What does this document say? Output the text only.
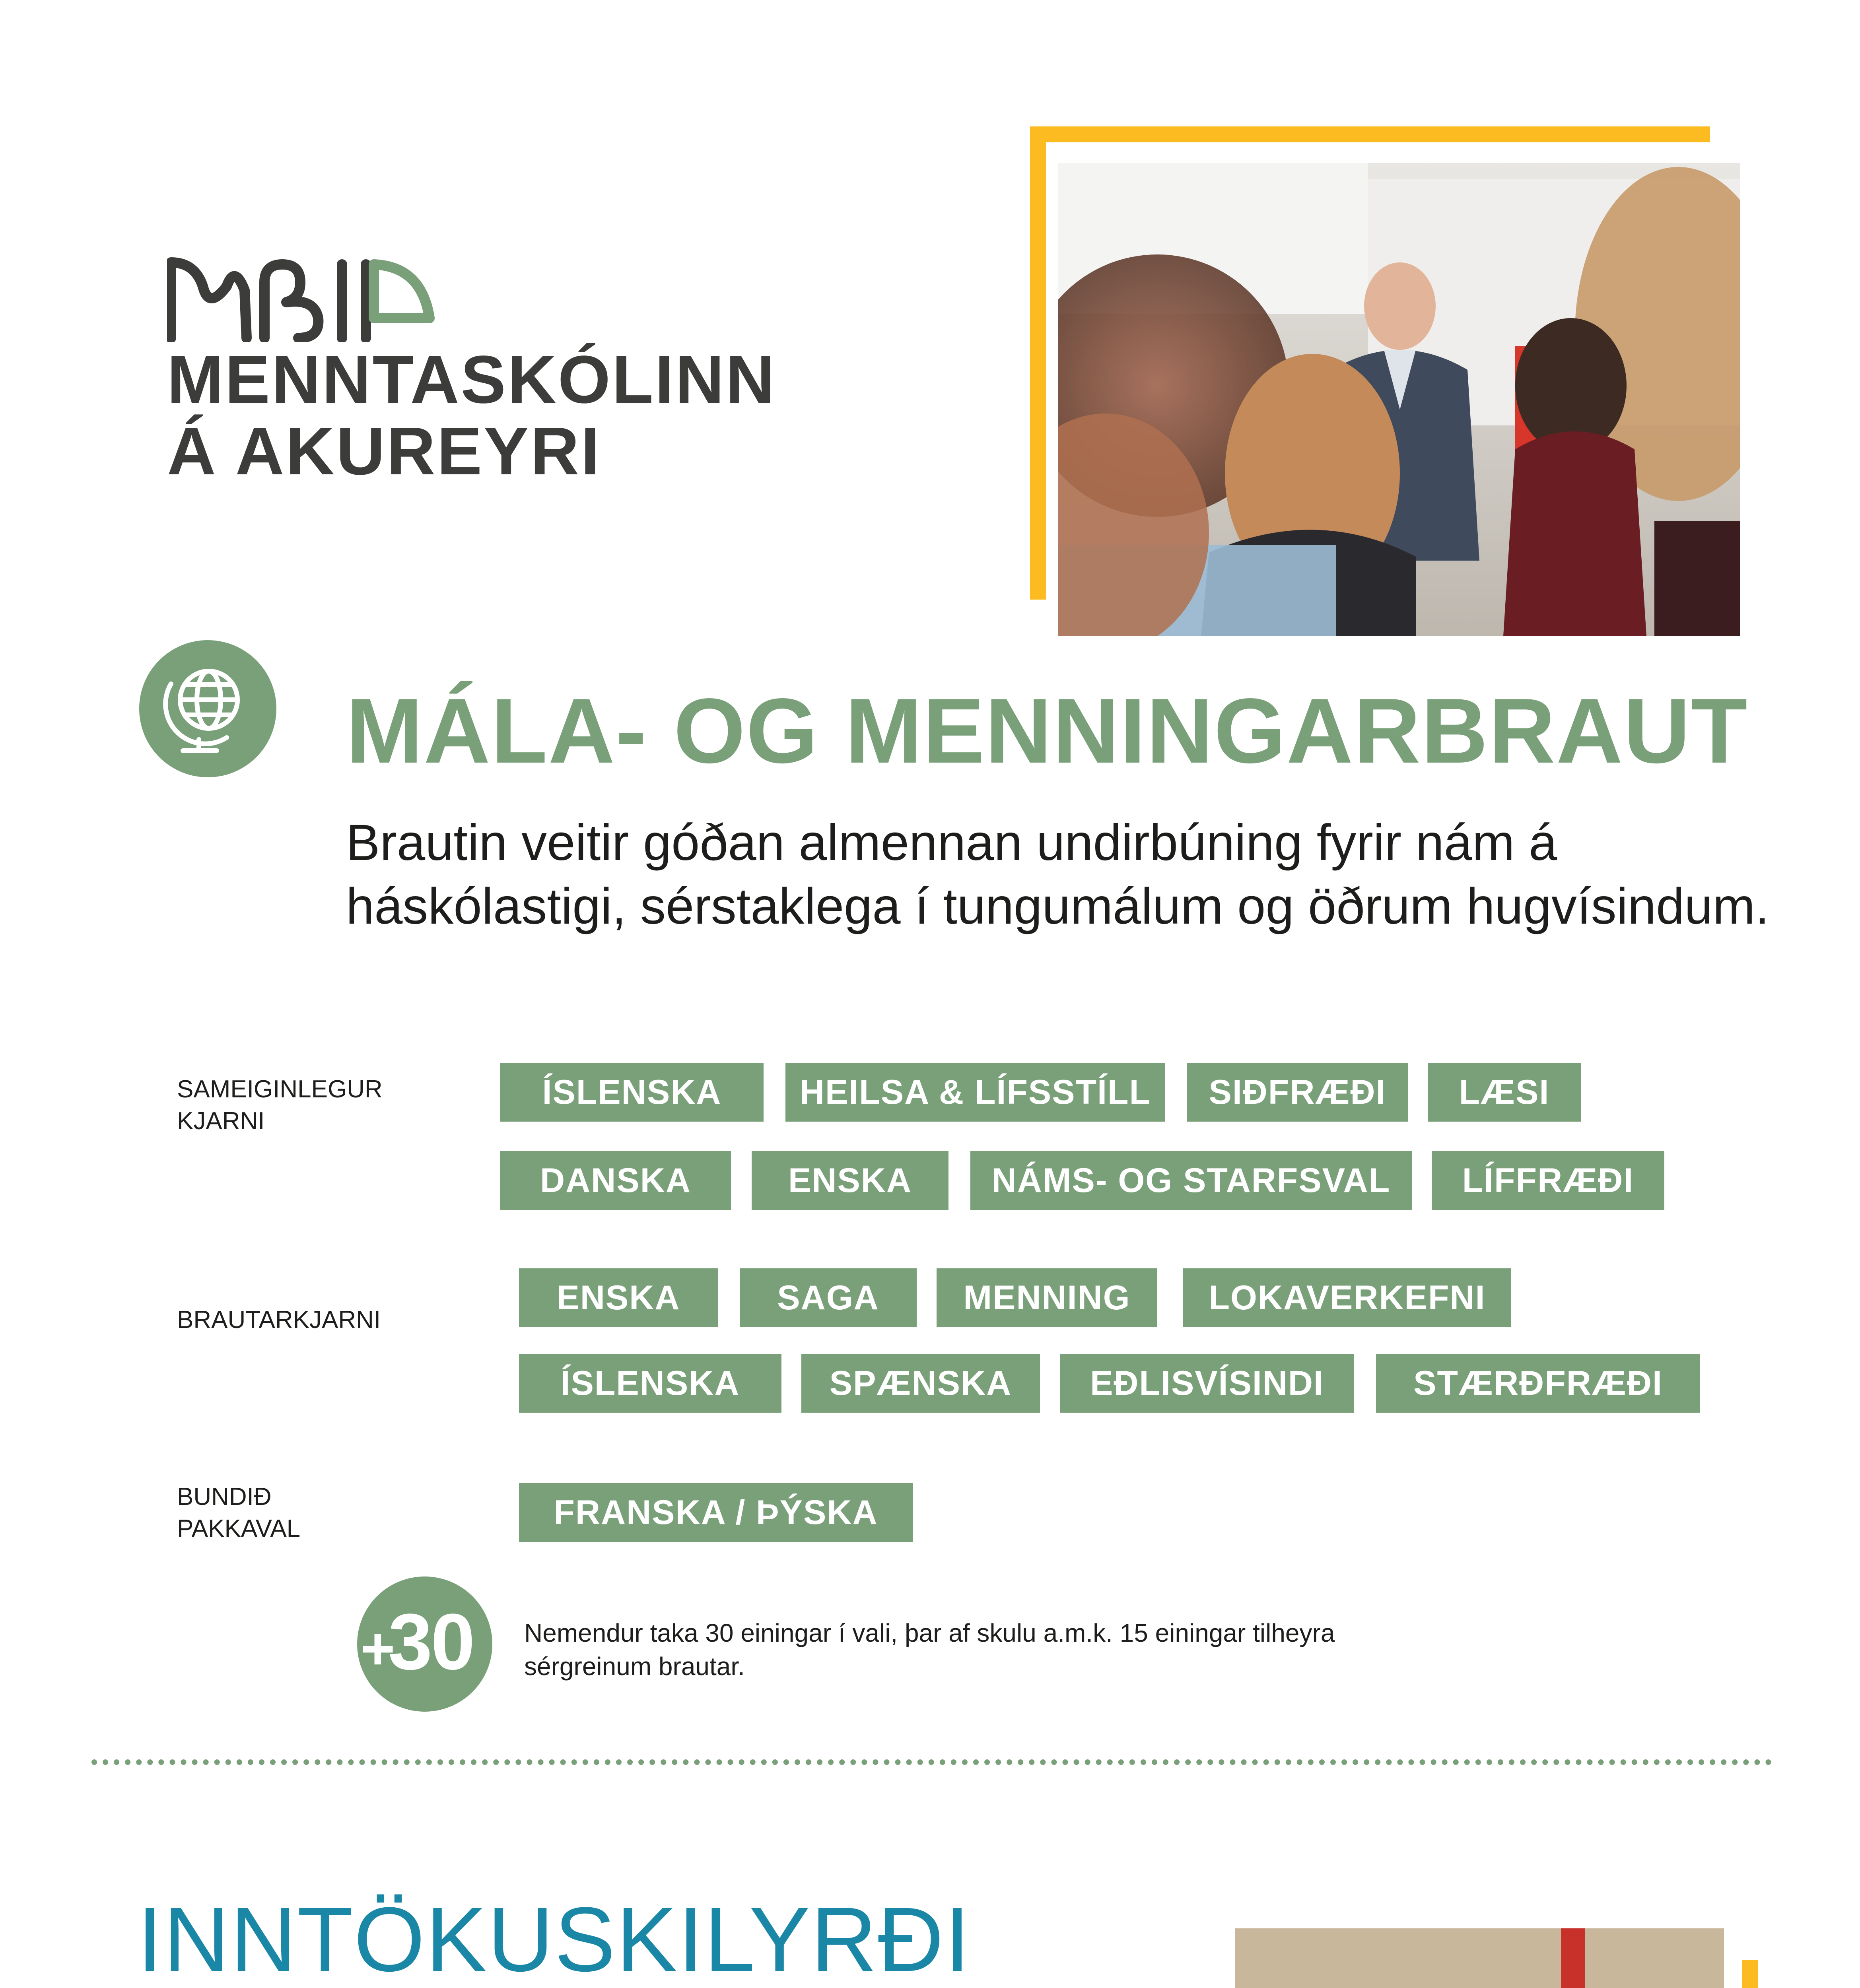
MENNTASKÓLINN
Á AKUREYRI
MÁLA- OG MENNINGARBRAUT
Brautin veitir góðan almennan undirbúning fyrir nám á
háskólastigi, sérstaklega í tungumálum og öðrum hugvísindum.
SAMEIGINLEGUR
KJARNI
ÍSLENSKA	HEILSA & LÍFSSTÍLL	SIÐFRÆÐI	LÆSI
DANSKA	ENSKA	NÁMS- OG STARFSVAL	LÍFFRÆÐI
BRAUTARKJARNI
ENSKA	SAGA	MENNING	LOKAVERKEFNI
ÍSLENSKA	SPÆNSKA	EÐLISVÍSINDI	STÆRÐFRÆÐI
BUNDIÐ
PAKKAVAL	FRANSKA / ÞÝSKA
+
30 Nemendur taka 30 einingar í vali, þar af skulu a.m.k. 15 einingar tilheyra
sérgreinum brautar.
INNTÖKUSKILYRÐI
